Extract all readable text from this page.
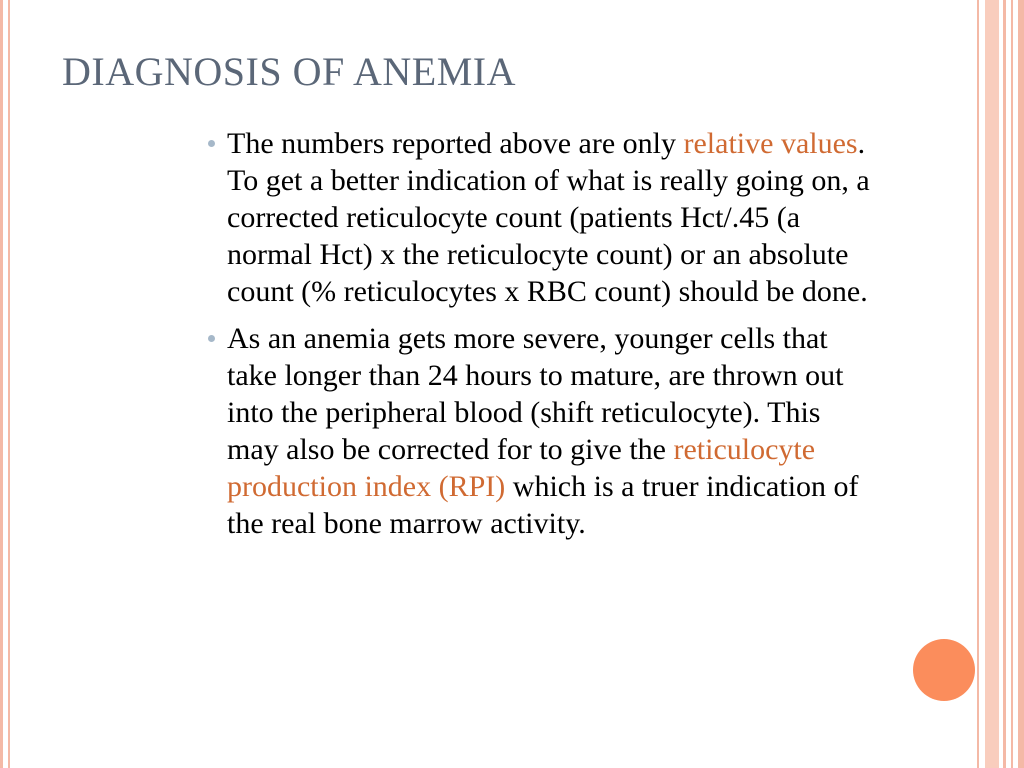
DIAGNOSIS OF ANEMIA
The numbers reported above are only relative values. To get a better indication of what is really going on, a corrected reticulocyte count (patients Hct/.45 (a normal Hct) x the reticulocyte count) or an absolute count (% reticulocytes x RBC count) should be done.
As an anemia gets more severe, younger cells that take longer than 24 hours to mature, are thrown out into the peripheral blood (shift reticulocyte). This may also be corrected for to give the reticulocyte production index (RPI) which is a truer indication of the real bone marrow activity.
